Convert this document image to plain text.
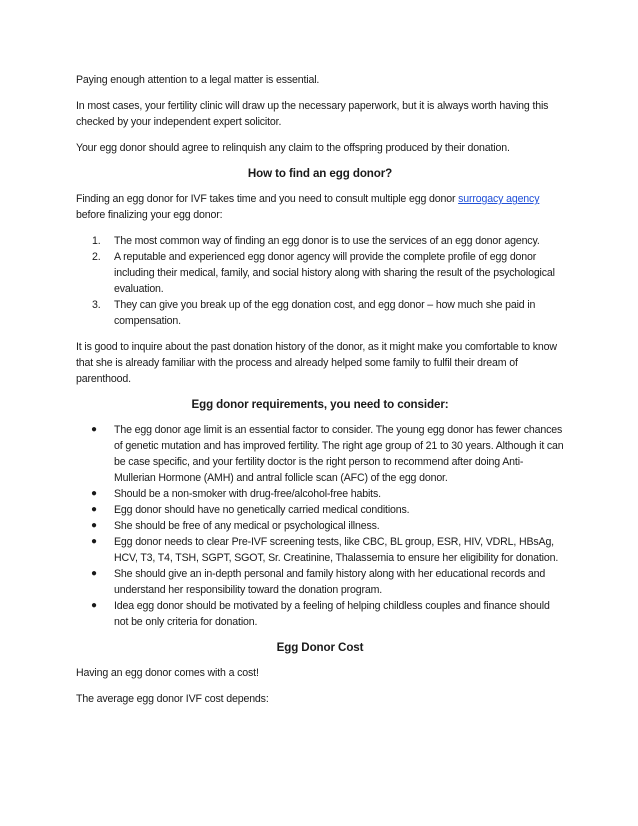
Paying enough attention to a legal matter is essential.

In most cases, your fertility clinic will draw up the necessary paperwork, but it is always worth having this checked by your independent expert solicitor.

Your egg donor should agree to relinquish any claim to the offspring produced by their donation.

How to find an egg donor?

Finding an egg donor for IVF takes time and you need to consult multiple egg donor surrogacy agency before finalizing your egg donor:

1. The most common way of finding an egg donor is to use the services of an egg donor agency.
2. A reputable and experienced egg donor agency will provide the complete profile of egg donor including their medical, family, and social history along with sharing the result of the psychological evaluation.
3. They can give you break up of the egg donation cost, and egg donor – how much she paid in compensation.

It is good to inquire about the past donation history of the donor, as it might make you comfortable to know that she is already familiar with the process and already helped some family to fulfil their dream of parenthood.

Egg donor requirements, you need to consider:
● The egg donor age limit is an essential factor to consider. The young egg donor has fewer chances of genetic mutation and has improved fertility. The right age group of 21 to 30 years. Although it can be case specific, and your fertility doctor is the right person to recommend after doing Anti-Mullerian Hormone (AMH) and antral follicle scan (AFC) of the egg donor.
● Should be a non-smoker with drug-free/alcohol-free habits.
● Egg donor should have no genetically carried medical conditions.
● She should be free of any medical or psychological illness.
● Egg donor needs to clear Pre-IVF screening tests, like CBC, BL group, ESR, HIV, VDRL, HBsAg, HCV, T3, T4, TSH, SGPT, SGOT, Sr. Creatinine, Thalassemia to ensure her eligibility for donation.
● She should give an in-depth personal and family history along with her educational records and understand her responsibility toward the donation program.
● Idea egg donor should be motivated by a feeling of helping childless couples and finance should not be only criteria for donation.
Egg Donor Cost

Having an egg donor comes with a cost!

The average egg donor IVF cost depends:
